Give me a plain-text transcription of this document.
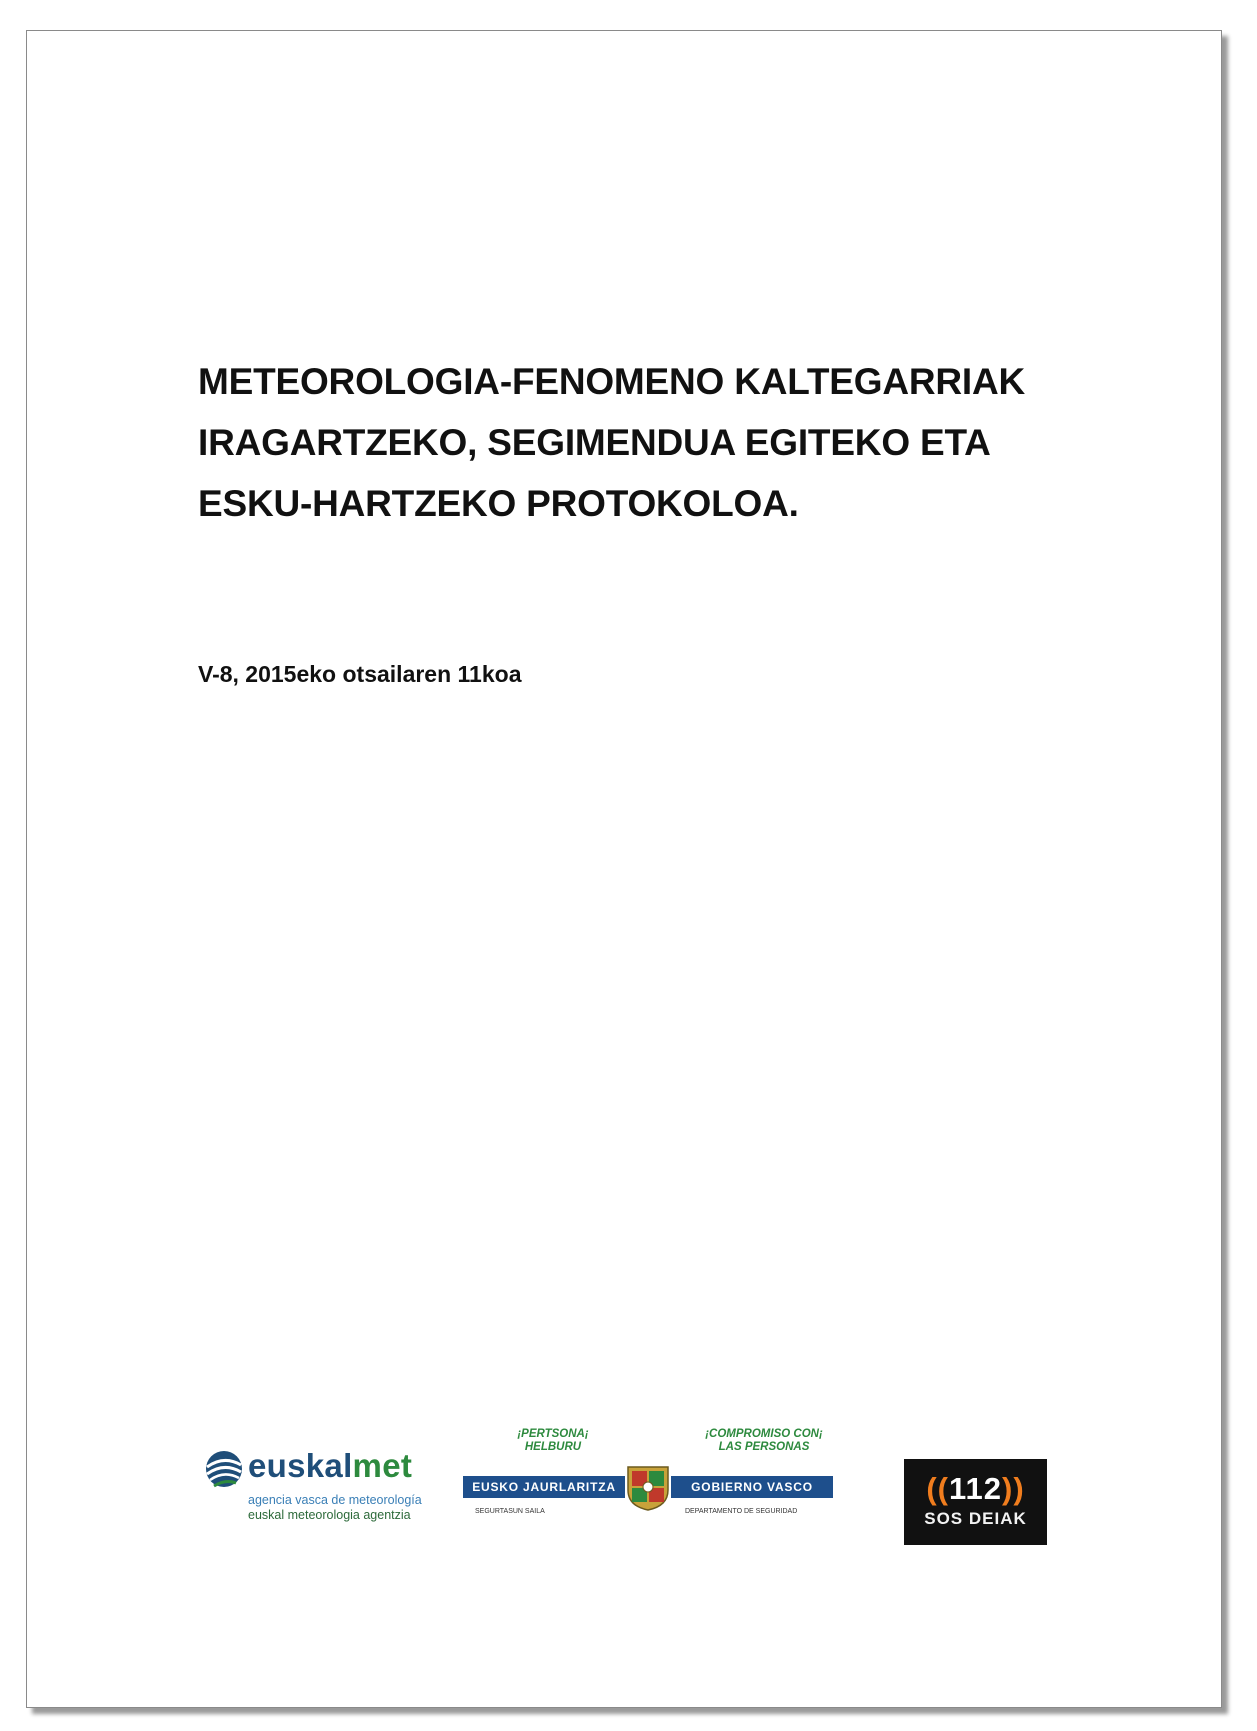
METEOROLOGIA-FENOMENO KALTEGARRIAK
IRAGARTZEKO, SEGIMENDUA EGITEKO ETA
ESKU-HARTZEKO PROTOKOLOA.

V-8, 2015eko otsailaren 11koa

euskalmet
agencia vasca de meteorología
euskal meteorologia agentzia
¡PERTSONA¡
HELBURU
¡COMPROMISO CON¡
LAS PERSONAS
EUSKO JAURLARITZA	GOBIERNO VASCO
SEGURTASUN SAILA	DEPARTAMENTO DE SEGURIDAD
((112))
SOS DEIAK
